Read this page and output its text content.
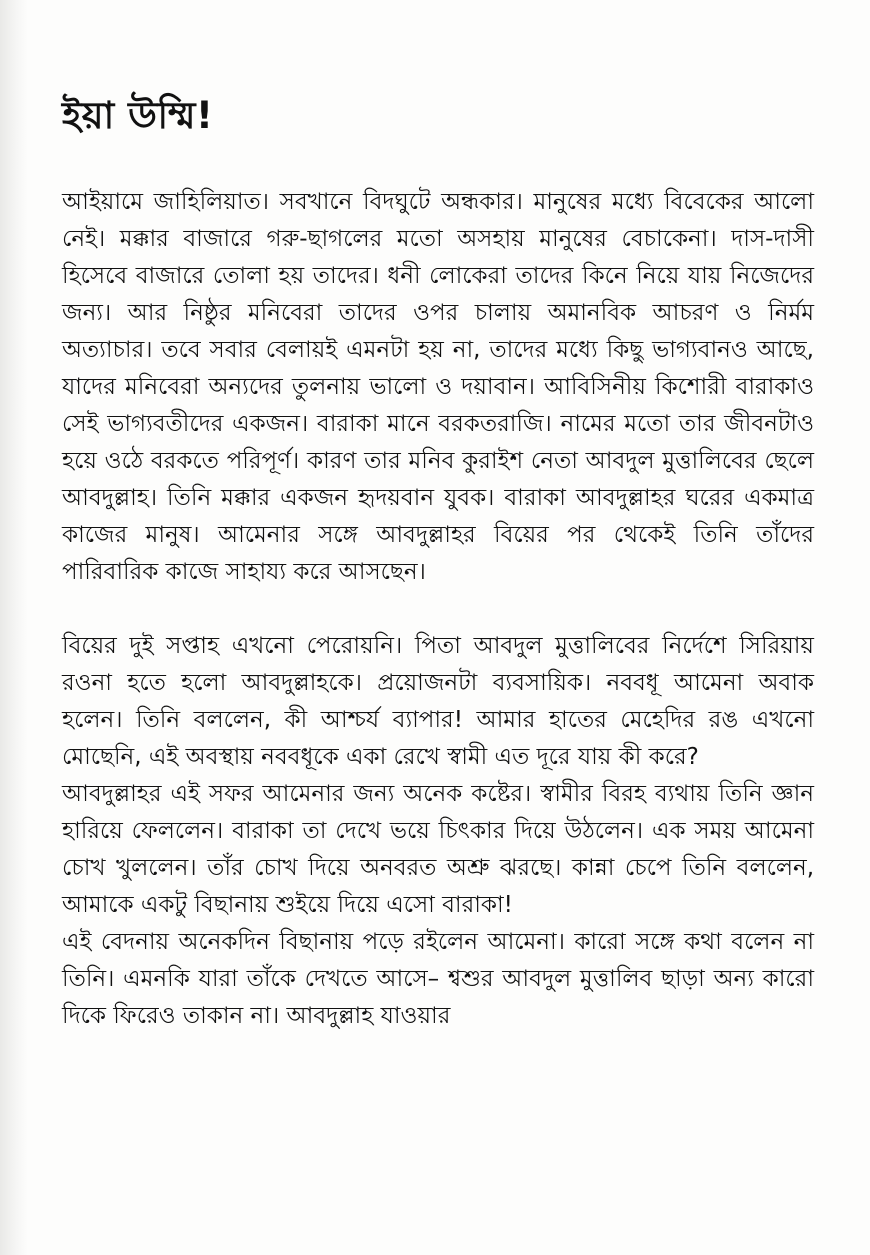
ইয়া উম্মি!

আইয়ামে জাহিলিয়াত। সবখানে বিদঘুটে অন্ধকার। মানুষের মধ্যে বিবেকের আলো নেই। মক্কার বাজারে গরু-ছাগলের মতো অসহায় মানুষের বেচাকেনা। দাস-দাসী হিসেবে বাজারে তোলা হয় তাদের। ধনী লোকেরা তাদের কিনে নিয়ে যায় নিজেদের জন্য। আর নিষ্ঠুর মনিবেরা তাদের ওপর চালায় অমানবিক আচরণ ও নির্মম অত্যাচার। তবে সবার বেলায়ই এমনটা হয় না, তাদের মধ্যে কিছু ভাগ্যবানও আছে, যাদের মনিবেরা অন্যদের তুলনায় ভালো ও দয়াবান। আবিসিনীয় কিশোরী বারাকাও সেই ভাগ্যবতীদের একজন। বারাকা মানে বরকতরাজি। নামের মতো তার জীবনটাও হয়ে ওঠে বরকতে পরিপূর্ণ। কারণ তার মনিব কুরাইশ নেতা আবদুল মুত্তালিবের ছেলে আবদুল্লাহ। তিনি মক্কার একজন হৃদয়বান যুবক। বারাকা আবদুল্লাহর ঘরের একমাত্র কাজের মানুষ। আমেনার সঙ্গে আবদুল্লাহর বিয়ের পর থেকেই তিনি তাঁদের পারিবারিক কাজে সাহায্য করে আসছেন।

বিয়ের দুই সপ্তাহ এখনো পেরোয়নি। পিতা আবদুল মুত্তালিবের নির্দেশে সিরিয়ায় রওনা হতে হলো আবদুল্লাহকে। প্রয়োজনটা ব্যবসায়িক। নববধূ আমেনা অবাক হলেন। তিনি বললেন, কী আশ্চর্য ব্যাপার! আমার হাতের মেহেদির রঙ এখনো মোছেনি, এই অবস্থায় নববধূকে একা রেখে স্বামী এত দূরে যায় কী করে?

আবদুল্লাহর এই সফর আমেনার জন্য অনেক কষ্টের। স্বামীর বিরহ ব্যথায় তিনি জ্ঞান হারিয়ে ফেললেন। বারাকা তা দেখে ভয়ে চিৎকার দিয়ে উঠলেন। এক সময় আমেনা চোখ খুললেন। তাঁর চোখ দিয়ে অনবরত অশ্রু ঝরছে। কান্না চেপে তিনি বললেন, আমাকে একটু বিছানায় শুইয়ে দিয়ে এসো বারাকা!

এই বেদনায় অনেকদিন বিছানায় পড়ে রইলেন আমেনা। কারো সঙ্গে কথা বলেন না তিনি। এমনকি যারা তাঁকে দেখতে আসে– শ্বশুর আবদুল মুত্তালিব ছাড়া অন্য কারো দিকে ফিরেও তাকান না। আবদুল্লাহ যাওয়ার
